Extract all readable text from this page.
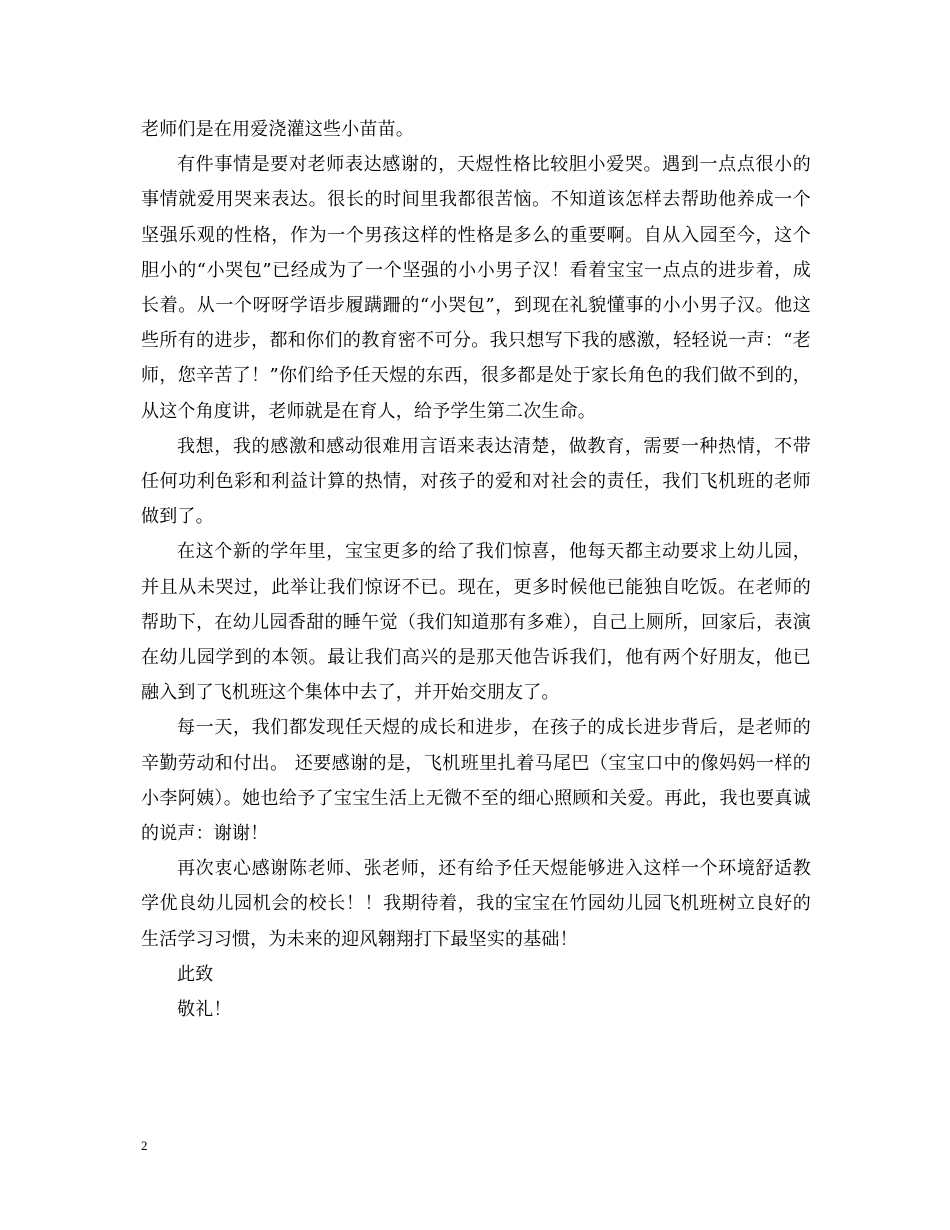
老师们是在用爱浇灌这些小苗苗。

有件事情是要对老师表达感谢的，天煜性格比较胆小爱哭。遇到一点点很小的事情就爱用哭来表达。很长的时间里我都很苦恼。不知道该怎样去帮助他养成一个坚强乐观的性格，作为一个男孩这样的性格是多么的重要啊。自从入园至今，这个胆小的“小哭包”已经成为了一个坚强的小小男子汉！看着宝宝一点点的进步着，成长着。从一个呀呀学语步履蹒跚的“小哭包”，到现在礼貌懂事的小小男子汉。他这些所有的进步，都和你们的教育密不可分。我只想写下我的感激，轻轻说一声：“老师，您辛苦了！”你们给予任天煜的东西，很多都是处于家长角色的我们做不到的，从这个角度讲，老师就是在育人，给予学生第二次生命。

我想，我的感激和感动很难用言语来表达清楚，做教育，需要一种热情，不带任何功利色彩和利益计算的热情，对孩子的爱和对社会的责任，我们飞机班的老师做到了。

在这个新的学年里，宝宝更多的给了我们惊喜，他每天都主动要求上幼儿园，并且从未哭过，此举让我们惊讶不已。现在，更多时候他已能独自吃饭。在老师的帮助下，在幼儿园香甜的睡午觉（我们知道那有多难），自己上厕所，回家后，表演在幼儿园学到的本领。最让我们高兴的是那天他告诉我们，他有两个好朋友，他已融入到了飞机班这个集体中去了，并开始交朋友了。

每一天，我们都发现任天煜的成长和进步，在孩子的成长进步背后，是老师的辛勤劳动和付出。 还要感谢的是，飞机班里扎着马尾巴（宝宝口中的像妈妈一样的小李阿姨）。她也给予了宝宝生活上无微不至的细心照顾和关爱。再此，我也要真诚的说声：谢谢！

再次衷心感谢陈老师、张老师，还有给予任天煜能够进入这样一个环境舒适教学优良幼儿园机会的校长！！我期待着，我的宝宝在竹园幼儿园飞机班树立良好的生活学习习惯，为未来的迎风翱翔打下最坚实的基础！

此致

敬礼！

2
